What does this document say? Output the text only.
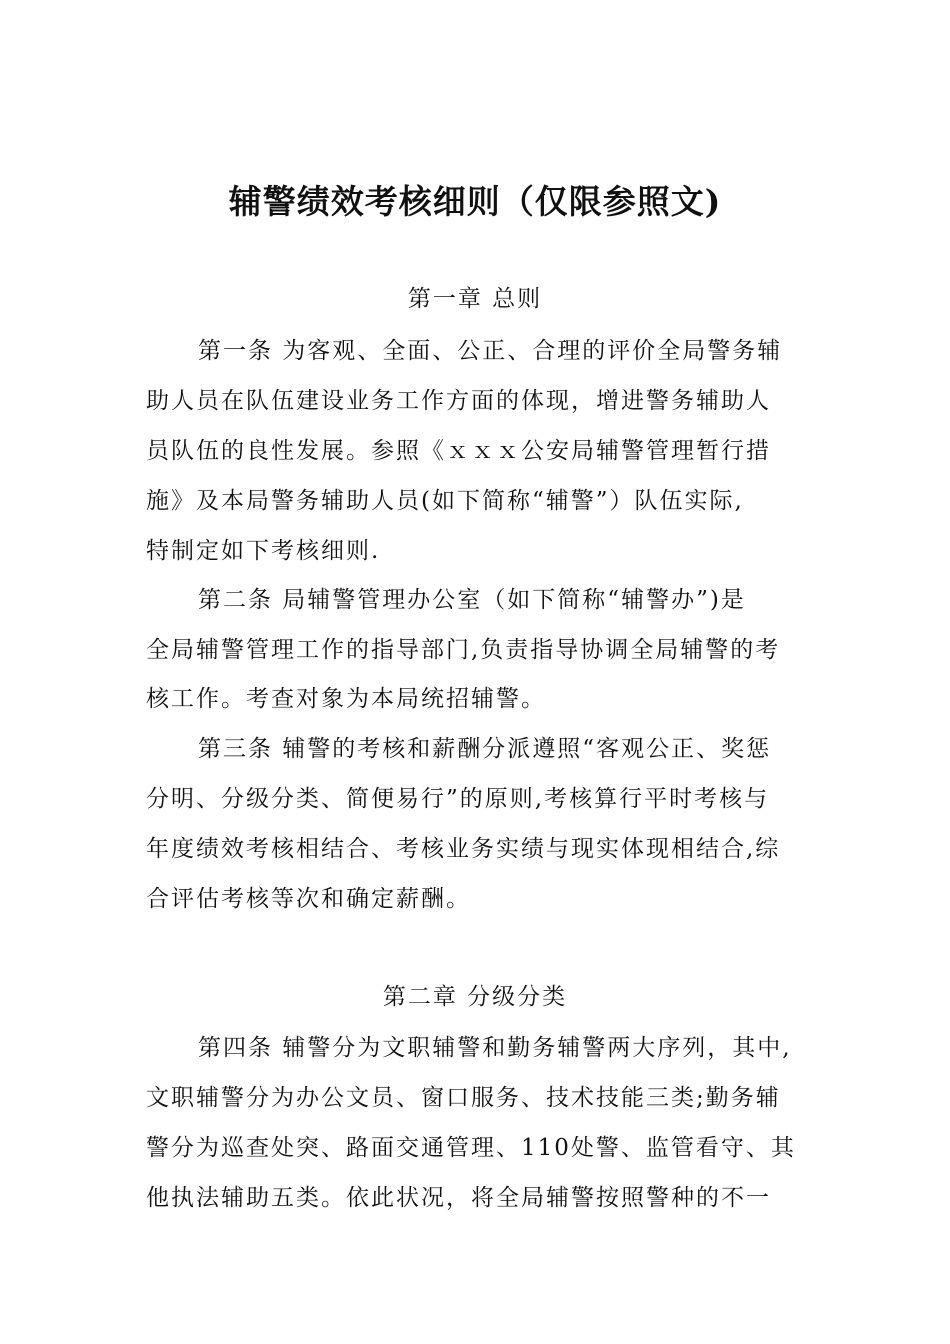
辅警绩效考核细则（仅限参照文)
第一章 总则
第一条 为客观、全面、公正、合理的评价全局警务辅
助人员在队伍建设业务工作方面的体现，增进警务辅助人
员队伍的良性发展。参照《ｘｘｘ公安局辅警管理暂行措
施》及本局警务辅助人员(如下简称“辅警”）队伍实际,
特制定如下考核细则.
第二条 局辅警管理办公室（如下简称“辅警办”)是
全局辅警管理工作的指导部门,负责指导协调全局辅警的考
核工作。考查对象为本局统招辅警。
第三条 辅警的考核和薪酬分派遵照“客观公正、奖惩
分明、分级分类、简便易行”的原则,考核算行平时考核与
年度绩效考核相结合、考核业务实绩与现实体现相结合,综
合评估考核等次和确定薪酬。
第二章 分级分类
第四条 辅警分为文职辅警和勤务辅警两大序列，其中,
文职辅警分为办公文员、窗口服务、技术技能三类;勤务辅
警分为巡查处突、路面交通管理、110处警、监管看守、其
他执法辅助五类。依此状况，将全局辅警按照警种的不一
